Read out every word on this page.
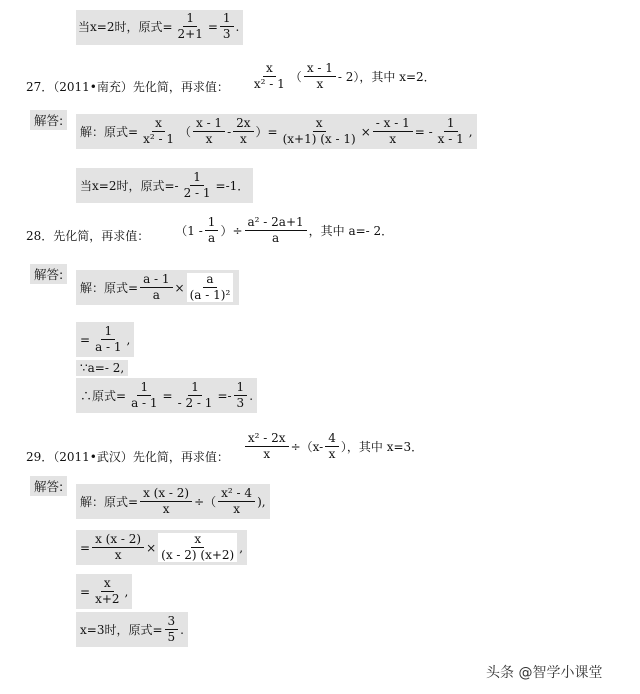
当x=2时，原式= $\frac{1}{2+1} = \frac{1}{3}$ .
27．（2011•南充）先化简，再求值： $\frac{x}{\text{x² - 1}}$ （ $\frac{x - 1}{x} - 2$），其中 x=2．
解答:
解：原式= $\frac{x}{\text{x² - 1}}$ （ $\frac{x - 1}{x} - \frac{2x}{x}$ ）= $\frac{x}{(x+1) (x - 1)} \times \frac{- x - 1}{x}$ = - $\frac{1}{x - 1}$ ,
当x=2时，原式=- $\frac{1}{2 - 1} =-1$．
28．先化简，再求值： （$1 - \frac{1}{a}$ ）÷ $\frac{\text{a² - 2a+1}}{a}$ ，其中 a=- 2．
解答:
解：原式= $\frac{a - 1}{a} \times \frac{a}{\text{(a - 1)²}}$
= $\frac{1}{a - 1}$ ,
∵a=- 2,
∴原式= $\frac{1}{a - 1} = \frac{1}{- 2 - 1} =- \frac{1}{3}$ .
29．（2011•武汉）先化简，再求值： $\frac{\text{x² - 2x}}{x} \div(x- \frac{4}{x}$ ），其中 x=3．
解答:
解：原式= $\frac{x (x - 2)}{x}$ ÷（ $\frac{\text{x² - 4}}{x}$ ),
= $\frac{x (x - 2)}{x} \times \frac{x}{(x - 2) (x+2)}$ ,
= $\frac{x}{x+2}$ ,
x=3时，原式= $\frac{3}{5}$ .
头条 @智学小课堂
